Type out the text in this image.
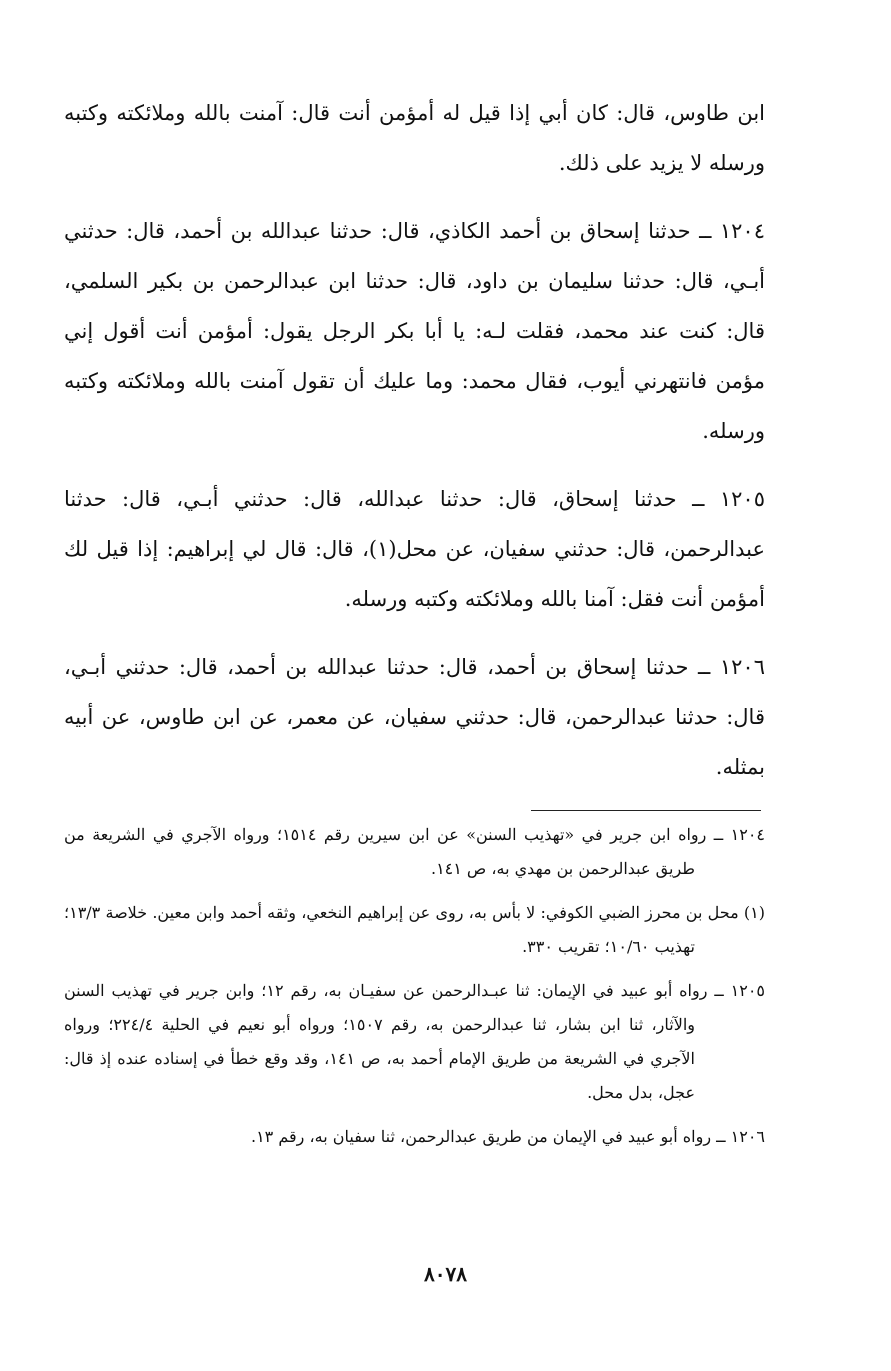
ابن طاوس، قال: كان أبي إذا قيل له أمؤمن أنت قال: آمنت بالله وملائكته وكتبه ورسله لا يزيد على ذلك.

١٢٠٤ ــ حدثنا إسحاق بن أحمد الكاذي، قال: حدثنا عبدالله بن أحمد، قال: حدثني أبـي، قال: حدثنا سليمان بن داود، قال: حدثنا ابن عبدالرحمن بن بكير السلمي، قال: كنت عند محمد، فقلت لـه: يا أبا بكر الرجل يقول: أمؤمن أنت أقول إني مؤمن فانتهرني أيوب، فقال محمد: وما عليك أن تقول آمنت بالله وملائكته وكتبه ورسله.

١٢٠٥ ــ حدثنا إسحاق، قال: حدثنا عبدالله، قال: حدثني أبـي، قال: حدثنا عبدالرحمن، قال: حدثني سفيان، عن محل(١)، قال: قال لي إبراهيم: إذا قيل لك أمؤمن أنت فقل: آمنا بالله وملائكته وكتبه ورسله.

١٢٠٦ ــ حدثنا إسحاق بن أحمد، قال: حدثنا عبدالله بن أحمد، قال: حدثني أبـي، قال: حدثنا عبدالرحمن، قال: حدثني سفيان، عن معمر، عن ابن طاوس، عن أبيه بمثله.

١٢٠٤ ــ رواه ابن جرير في «تهذيب السنن» عن ابن سيرين رقم ١٥١٤؛ ورواه الآجري في الشريعة من طريق عبدالرحمن بن مهدي به، ص ١٤١.

(١) محل بن محرز الضبي الكوفي: لا بأس به، روى عن إبراهيم النخعي، وثقه أحمد وابن معين. خلاصة ١٣/٣؛ تهذيب ١٠/٦٠؛ تقريب ٣٣٠.

١٢٠٥ ــ رواه أبو عبيد في الإيمان: ثنا عبـدالرحمن عن سفيـان به، رقم ١٢؛ وابن جرير في تهذيب السنن والآثار، ثنا ابن بشار، ثنا عبدالرحمن به، رقم ١٥٠٧؛ ورواه أبو نعيم في الحلية ٢٢٤/٤؛ ورواه الآجري في الشريعة من طريق الإمام أحمد به، ص ١٤١، وقد وقع خطأ في إسناده عنده إذ قال: عجل، بدل محل.

١٢٠٦ ــ رواه أبو عبيد في الإيمان من طريق عبدالرحمن، ثنا سفيان به، رقم ١٣.

٨٠٧٨
